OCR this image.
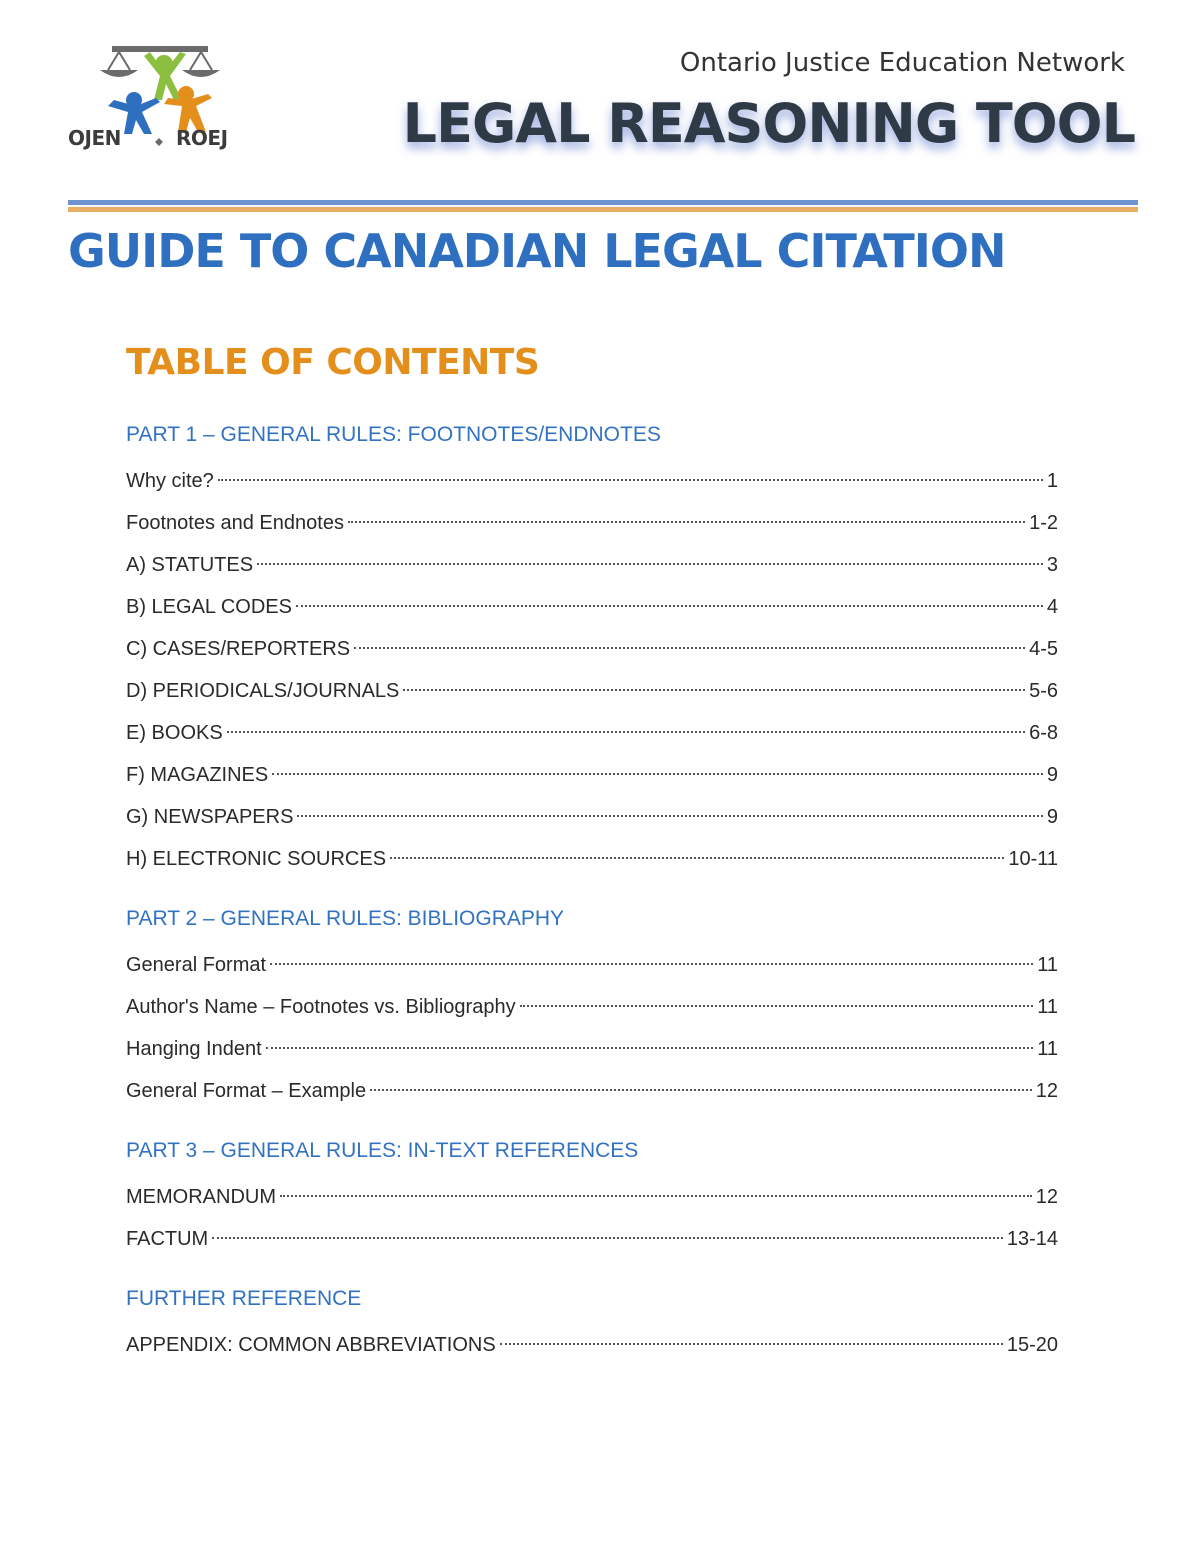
OJEN	ROEJ
Ontario Justice Education Network
LEGAL REASONING TOOL
GUIDE TO CANADIAN LEGAL CITATION
TABLE OF CONTENTS
PART 1 – GENERAL RULES: FOOTNOTES/ENDNOTES
Why cite?	1
Footnotes and Endnotes	1-2
A) STATUTES	3
B) LEGAL CODES	4
C) CASES/REPORTERS	4-5
D) PERIODICALS/JOURNALS	5-6
E) BOOKS	6-8
F) MAGAZINES	9
G) NEWSPAPERS	9
H) ELECTRONIC SOURCES	10-11
PART 2 – GENERAL RULES: BIBLIOGRAPHY
General Format	11
Author's Name – Footnotes vs. Bibliography	11
Hanging Indent	11
General Format – Example	12
PART 3 – GENERAL RULES: IN-TEXT REFERENCES
MEMORANDUM	12
FACTUM	13-14
FURTHER REFERENCE
APPENDIX: COMMON ABBREVIATIONS	15-20
